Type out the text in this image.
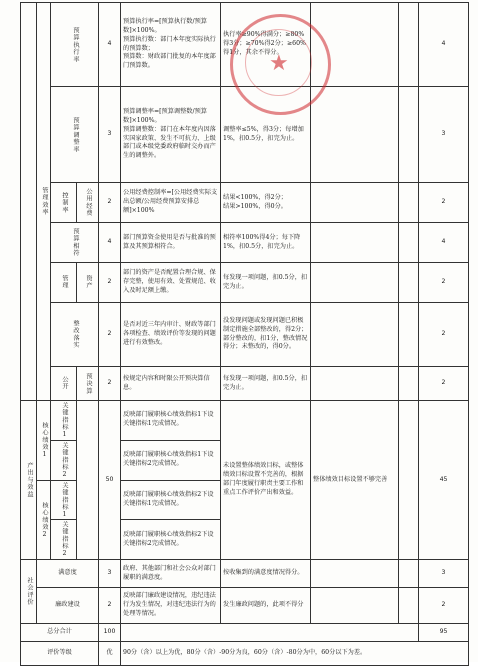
	管理效率	预算执行率		4	预算执行率=[预算执行数/预算数]×100%。
预算执行数：部门本年度实际执行的预算数；
预算数：财政部门批复的本年度部门预算数。	执行率≥90%得满分；≥80%得3分；≥70%得2分；≥60%得1分，其余不得分。			4

		预算调整率		3	预算调整率=[预算调整数/预算数]×100%。
预算调整数：部门在本年度内因落实国家政策、发生不可抗力、上级部门或本级党委政府临时交办而产生的调整外。	调整率≤5%，得3分；每增加1%，扣0.5分，扣完为止。			3

		控制率	公用经费	2	公用经费控制率=[公用经费实际支出总额/公用经费预算安排总额]×100%	结果<100%，得2分；
结果>100%，得0分。			2

		预算相符		4	部门预算资金使用是否与批准的预算及其预算相符合。	相符率100%得4分；每下降1%，扣0.5分，扣完为止。			4

		管理	资产	2	部门的资产是否配置合理合规、保存完整，使用有效、处置规范、收入及时足额上缴。	每发现一项问题，扣0.5分，扣完为止。			2

		整改落实		2	是否对近三年内审计、财政等部门各项检查、绩效评价等发现的问题进行有效整改。	没发现问题或发现问题已积极制定措施全部整改的，得2分；部分整改的，扣1分，整改情况得分；未整改的，得0分。			2

		公开	预决算	2	按规定内容和时限公开预决算信息。	每发现一项问题，扣0.5分，扣完为止。			2

产出与效益	核心绩效1	关键指标1		50	反映部门履职核心绩效指标1下设关键指标1完成情况。	未设置整体绩效目标，或整体绩效目标设置不完善的，根据部门年度履行职责主要工作和重点工作评价产出和效益。	整体绩效目标设置不够完善		45

		关键指标2			反映部门履职核心绩效指标1下设关键指标2完成情况。				

	核心绩效2	关键指标1			反映部门履职核心绩效指标2下设关键指标1完成情况。				

		关键指标2			反映部门履职核心绩效指标2下设关键指标2完成情况。				

社会评价	满意度			3	政府、其他部门和社会公众对部门履职的满意度。	按收集到的满意度情况得分。			3
	廉政建设			2	反映部门廉政建设情况，违纪违法行为发生情况，对违纪违法行为的处理等情况。	发生廉政问题的，此项不得分			2
总分合计				100					95
评价等级				优	90分（含）以上为优，80分（含）-90分为良，60分（含）-80分为中，60分以下为差。				
★
